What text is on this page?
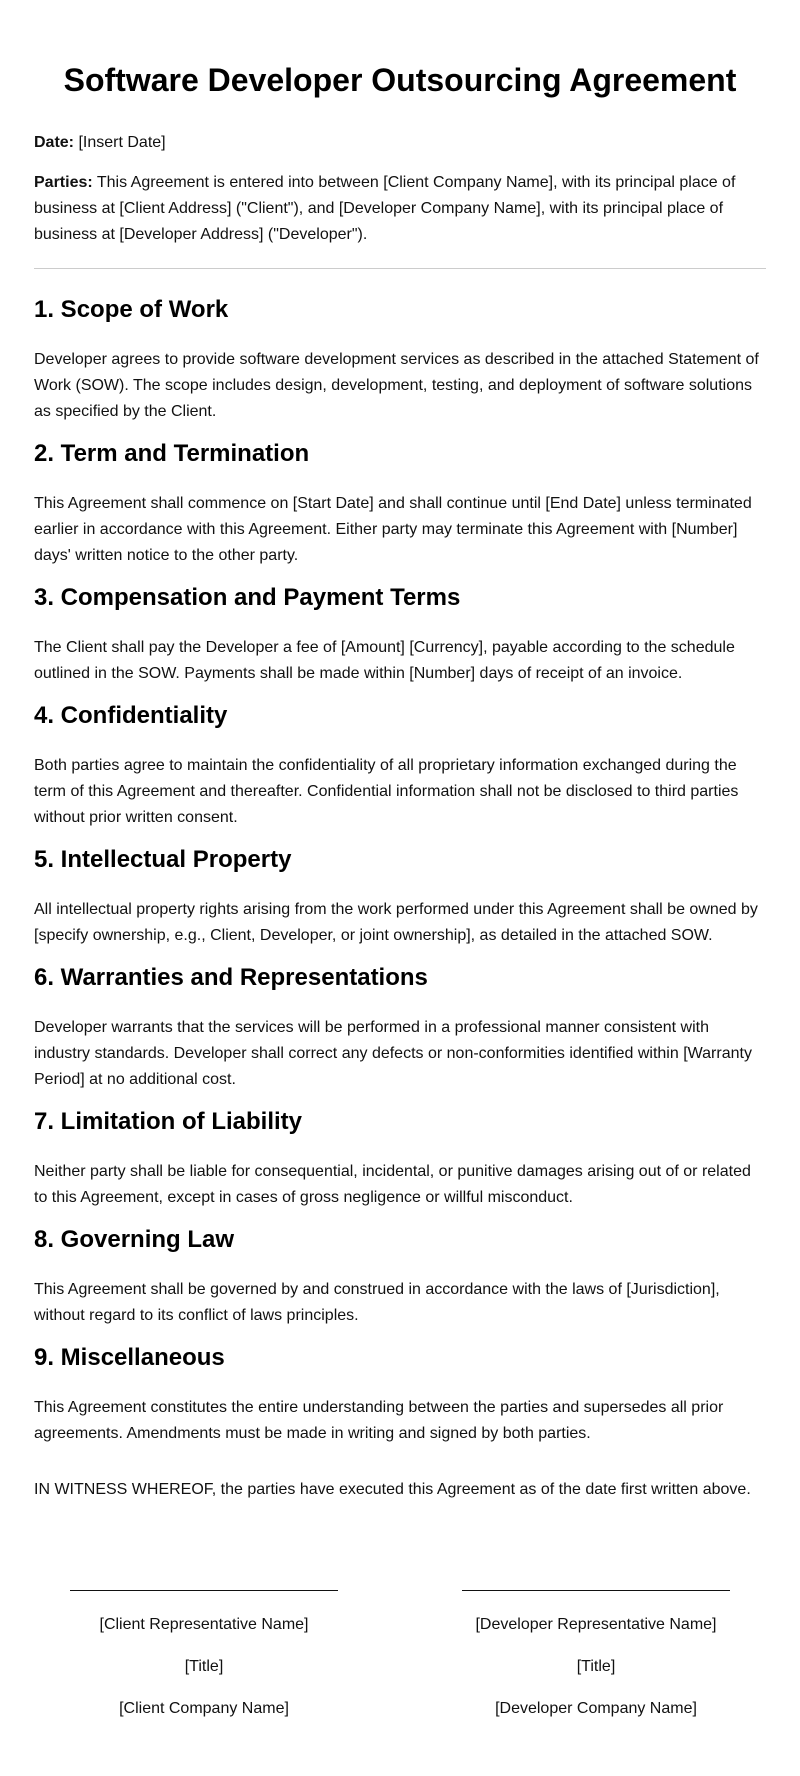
Software Developer Outsourcing Agreement

Date: [Insert Date]

Parties: This Agreement is entered into between [Client Company Name], with its principal place of business at [Client Address] ("Client"), and [Developer Company Name], with its principal place of business at [Developer Address] ("Developer").

1. Scope of Work

Developer agrees to provide software development services as described in the attached Statement of Work (SOW). The scope includes design, development, testing, and deployment of software solutions as specified by the Client.

2. Term and Termination

This Agreement shall commence on [Start Date] and shall continue until [End Date] unless terminated earlier in accordance with this Agreement. Either party may terminate this Agreement with [Number] days' written notice to the other party.

3. Compensation and Payment Terms

The Client shall pay the Developer a fee of [Amount] [Currency], payable according to the schedule outlined in the SOW. Payments shall be made within [Number] days of receipt of an invoice.

4. Confidentiality

Both parties agree to maintain the confidentiality of all proprietary information exchanged during the term of this Agreement and thereafter. Confidential information shall not be disclosed to third parties without prior written consent.

5. Intellectual Property

All intellectual property rights arising from the work performed under this Agreement shall be owned by [specify ownership, e.g., Client, Developer, or joint ownership], as detailed in the attached SOW.

6. Warranties and Representations

Developer warrants that the services will be performed in a professional manner consistent with industry standards. Developer shall correct any defects or non-conformities identified within [Warranty Period] at no additional cost.

7. Limitation of Liability

Neither party shall be liable for consequential, incidental, or punitive damages arising out of or related to this Agreement, except in cases of gross negligence or willful misconduct.

8. Governing Law

This Agreement shall be governed by and construed in accordance with the laws of [Jurisdiction], without regard to its conflict of laws principles.

9. Miscellaneous

This Agreement constitutes the entire understanding between the parties and supersedes all prior agreements. Amendments must be made in writing and signed by both parties.

IN WITNESS WHEREOF, the parties have executed this Agreement as of the date first written above.

[Client Representative Name]

[Title]

[Client Company Name]

[Developer Representative Name]

[Title]

[Developer Company Name]
